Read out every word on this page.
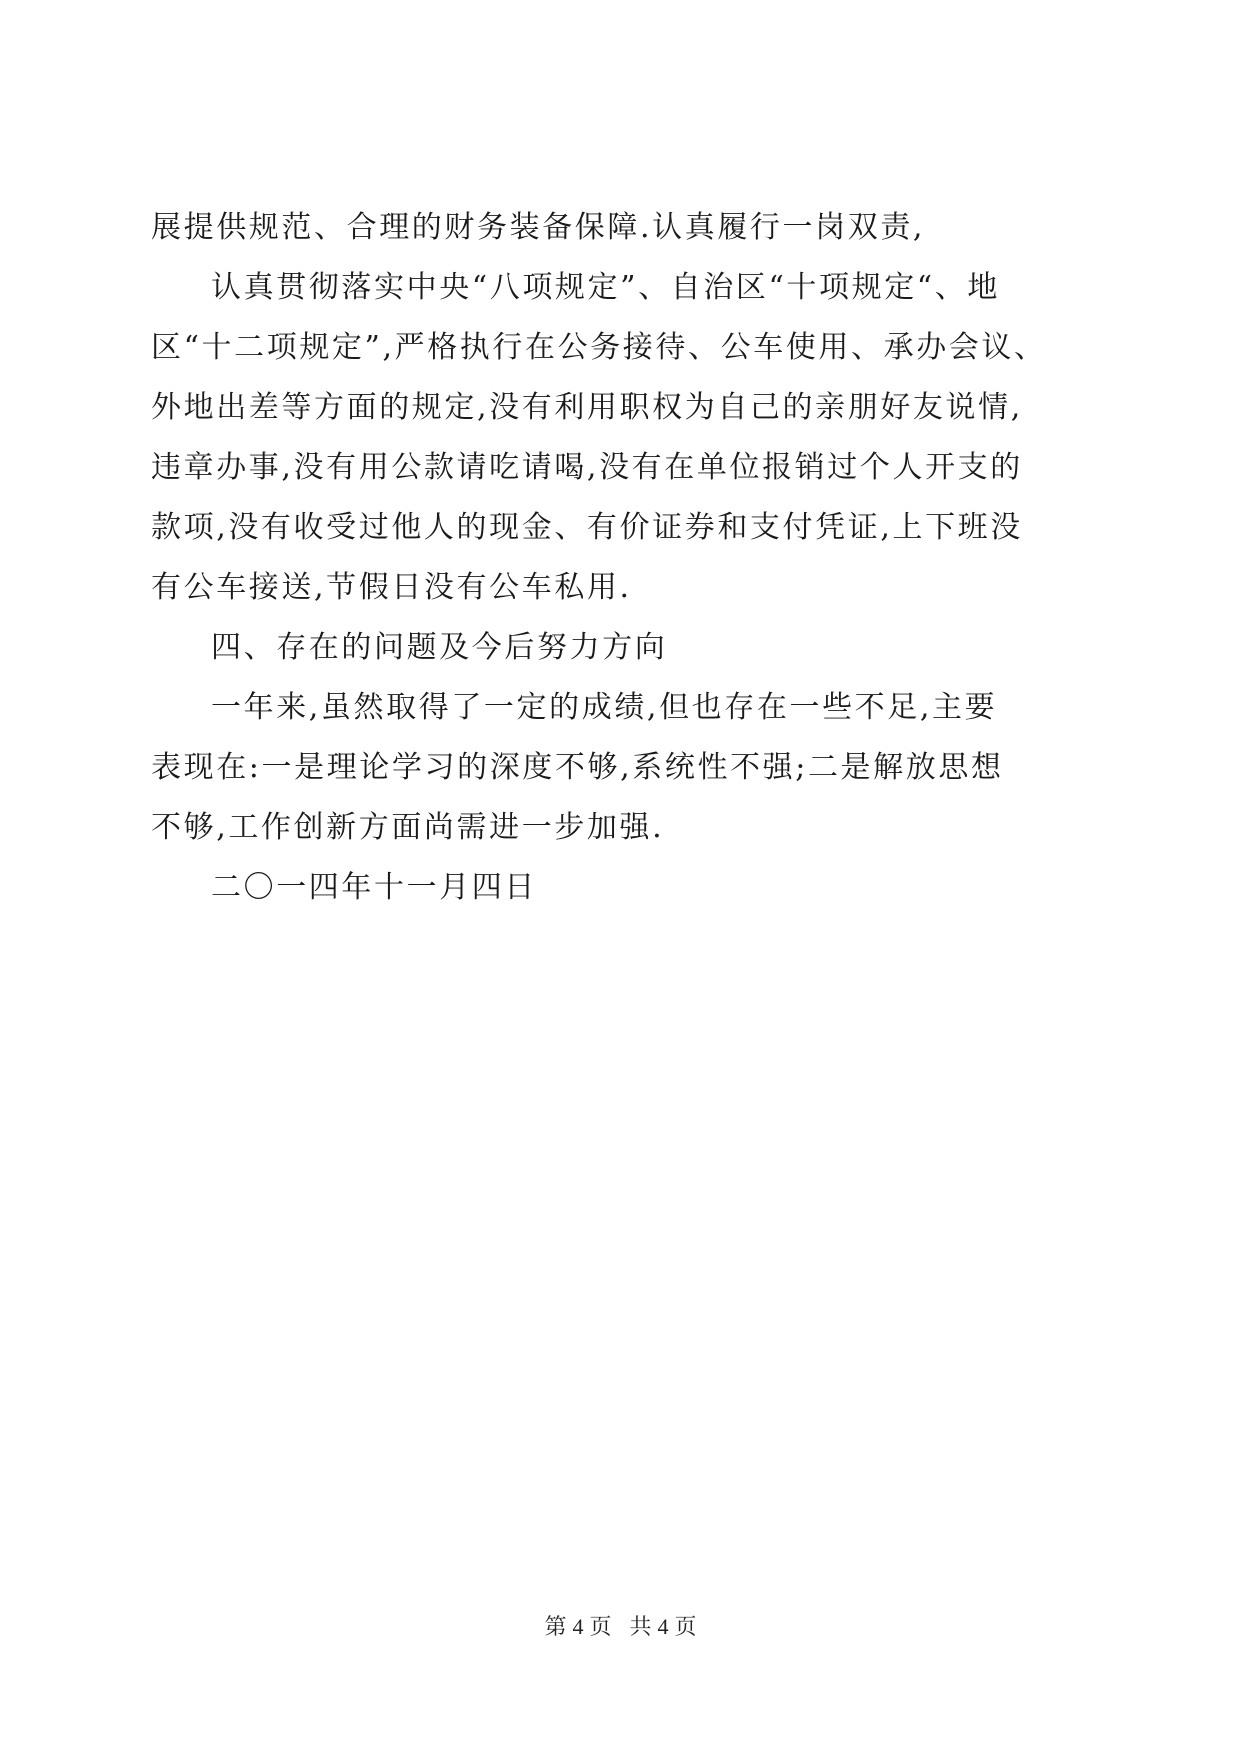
展提供规范、合理的财务装备保障.认真履行一岗双责,
认真贯彻落实中央“八项规定”、自治区“十项规定“、地
区“十二项规定”,严格执行在公务接待、公车使用、承办会议、
外地出差等方面的规定,没有利用职权为自己的亲朋好友说情,
违章办事,没有用公款请吃请喝,没有在单位报销过个人开支的
款项,没有收受过他人的现金、有价证券和支付凭证,上下班没
有公车接送,节假日没有公车私用.
四、存在的问题及今后努力方向
一年来,虽然取得了一定的成绩,但也存在一些不足,主要
表现在:一是理论学习的深度不够,系统性不强;二是解放思想
不够,工作创新方面尚需进一步加强.
二〇一四年十一月四日
第 4 页 共 4 页
